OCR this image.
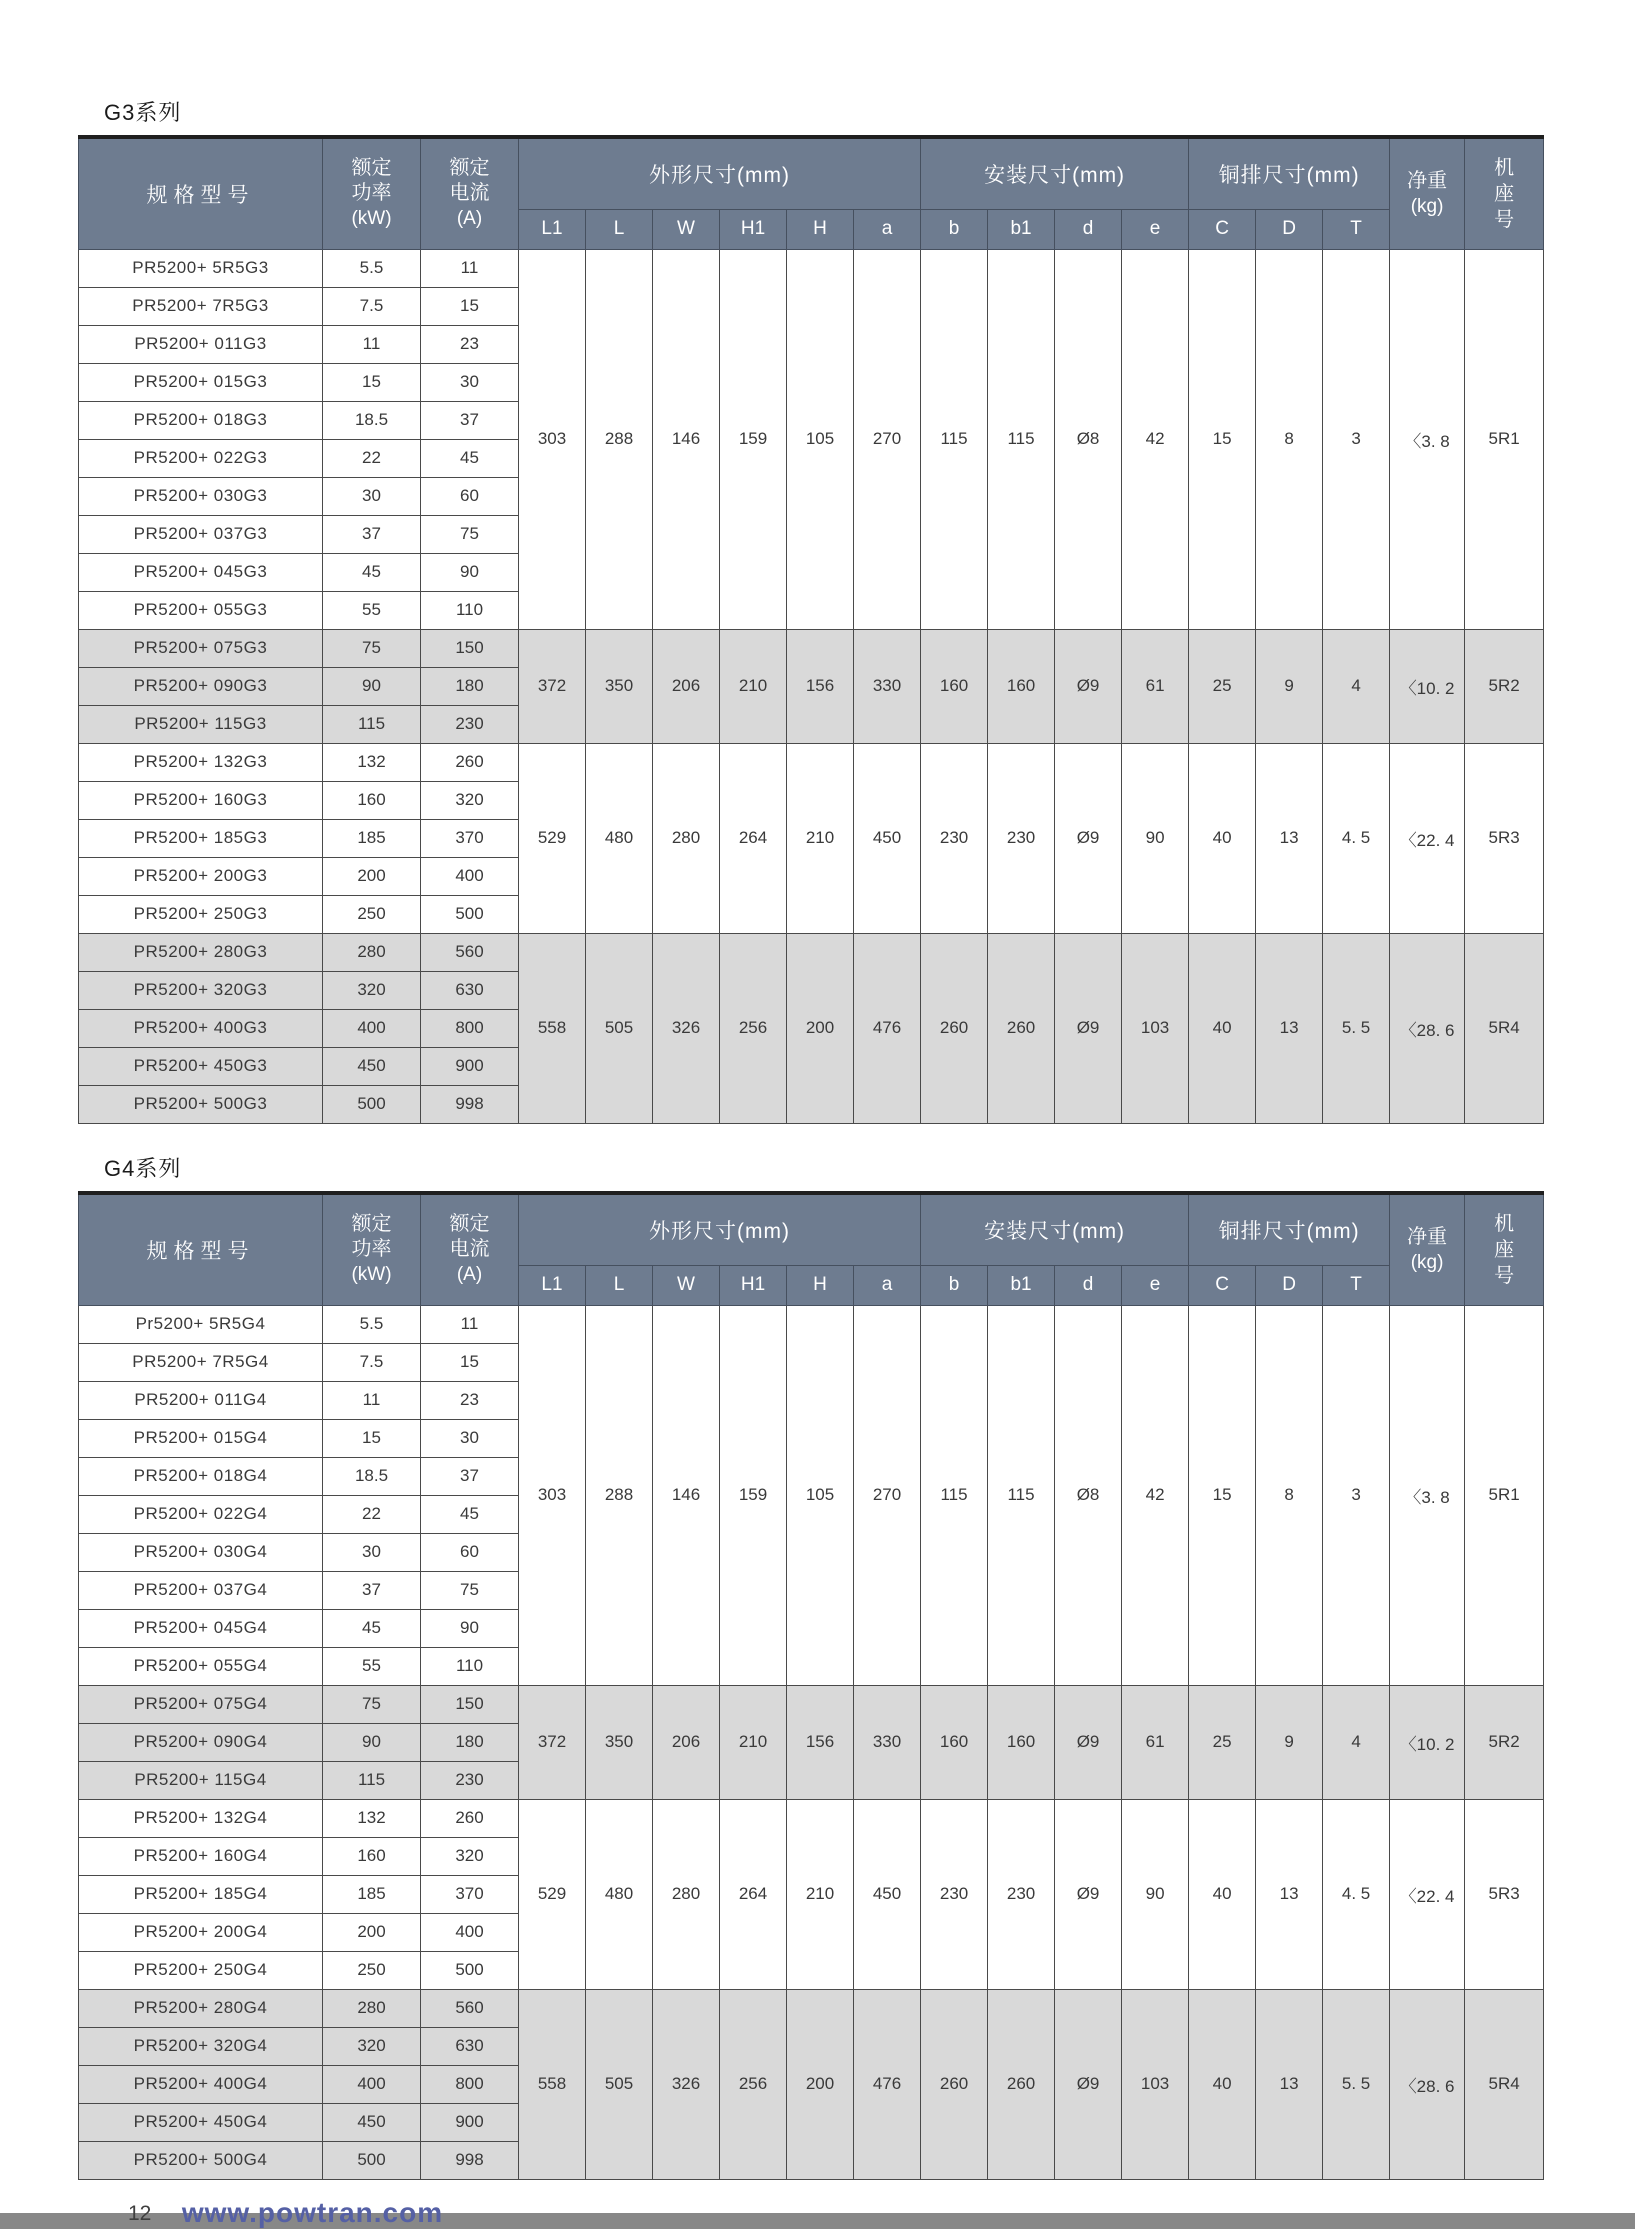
G3系列
规格型号	
额定
功率
(kW)

额定
电流
(A)
	外形尺寸(mm)	安装尺寸(mm)	铜排尺寸(mm)	净重
(kg)

机
座
号

			L1	L	W	H1	H	a	b	b1	d	e	C	D	T		
PR5200+ 5R5G3	5.5	11	303	288	146	159	105	270	115	115	Ø8	42	15	8	3	〈3. 8	5R1
PR5200+ 7R5G3	7.5	15															
PR5200+ 011G3	11	23															
PR5200+ 015G3	15	30															
PR5200+ 018G3	18.5	37															
PR5200+ 022G3	22	45															
PR5200+ 030G3	30	60															
PR5200+ 037G3	37	75															
PR5200+ 045G3	45	90															
PR5200+ 055G3	55	110															
PR5200+ 075G3	75	150	372	350	206	210	156	330	160	160	Ø9	61	25	9	4	〈10. 2	5R2
PR5200+ 090G3	90	180															
PR5200+ 115G3	115	230															
PR5200+ 132G3	132	260	529	480	280	264	210	450	230	230	Ø9	90	40	13	4. 5	〈22. 4	5R3
PR5200+ 160G3	160	320															
PR5200+ 185G3	185	370															
PR5200+ 200G3	200	400															
PR5200+ 250G3	250	500															
PR5200+ 280G3	280	560	558	505	326	256	200	476	260	260	Ø9	103	40	13	5. 5	〈28. 6	5R4
PR5200+ 320G3	320	630															
PR5200+ 400G3	400	800															
PR5200+ 450G3	450	900															
PR5200+ 500G3	500	998															
G4系列
规格型号	
额定
功率
(kW)

额定
电流
(A)
	外形尺寸(mm)	安装尺寸(mm)	铜排尺寸(mm)	净重
(kg)

机
座
号

			L1	L	W	H1	H	a	b	b1	d	e	C	D	T		
Pr5200+ 5R5G4	5.5	11	303	288	146	159	105	270	115	115	Ø8	42	15	8	3	〈3. 8	5R1
PR5200+ 7R5G4	7.5	15															
PR5200+ 011G4	11	23															
PR5200+ 015G4	15	30															
PR5200+ 018G4	18.5	37															
PR5200+ 022G4	22	45															
PR5200+ 030G4	30	60															
PR5200+ 037G4	37	75															
PR5200+ 045G4	45	90															
PR5200+ 055G4	55	110															
PR5200+ 075G4	75	150	372	350	206	210	156	330	160	160	Ø9	61	25	9	4	〈10. 2	5R2
PR5200+ 090G4	90	180															
PR5200+ 115G4	115	230															
PR5200+ 132G4	132	260	529	480	280	264	210	450	230	230	Ø9	90	40	13	4. 5	〈22. 4	5R3
PR5200+ 160G4	160	320															
PR5200+ 185G4	185	370															
PR5200+ 200G4	200	400															
PR5200+ 250G4	250	500															
PR5200+ 280G4	280	560	558	505	326	256	200	476	260	260	Ø9	103	40	13	5. 5	〈28. 6	5R4
PR5200+ 320G4	320	630															
PR5200+ 400G4	400	800															
PR5200+ 450G4	450	900															
PR5200+ 500G4	500	998															
12 www.powtran.com
